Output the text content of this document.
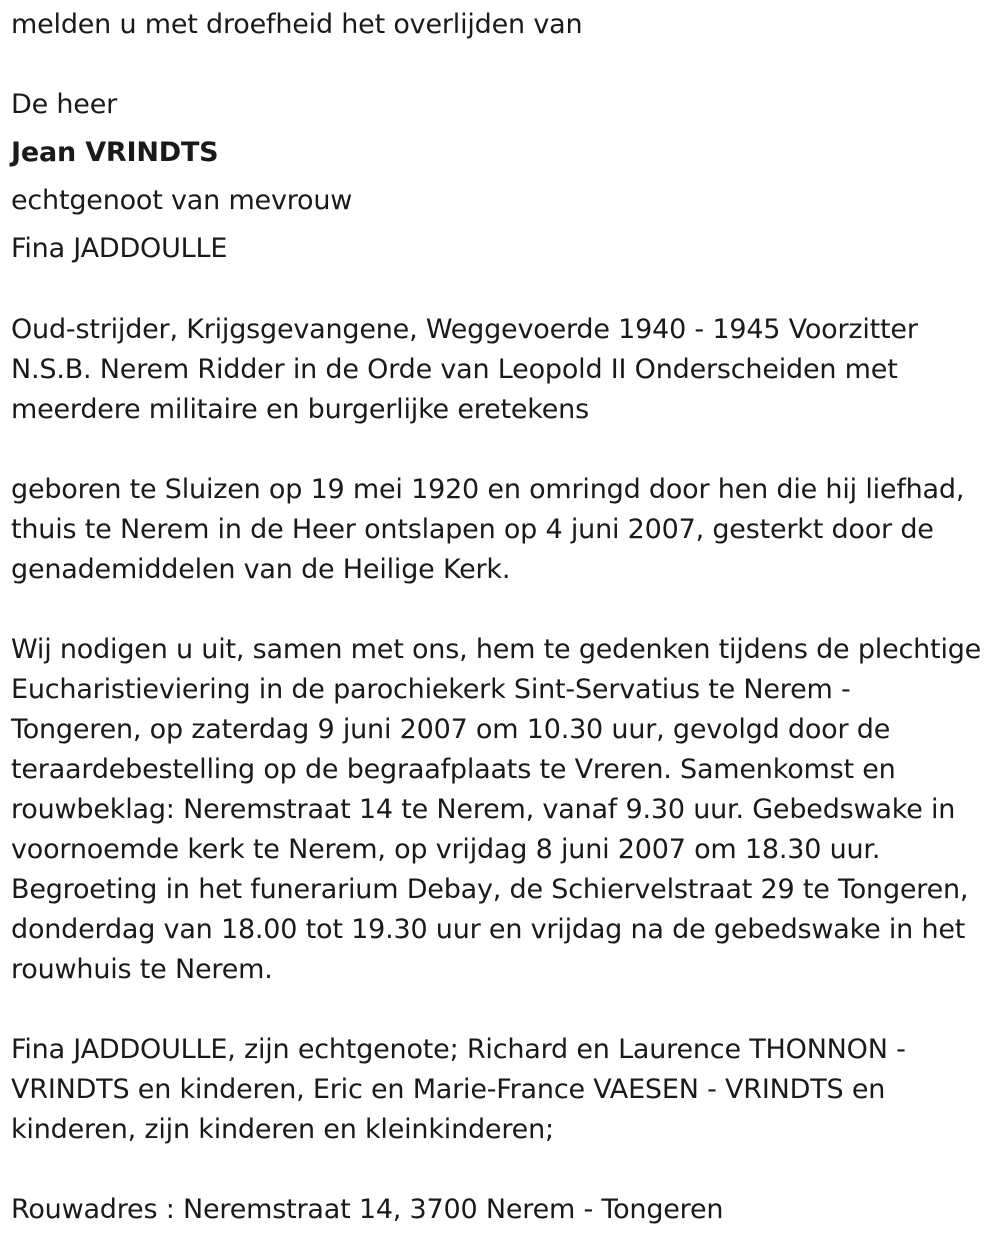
melden u met droefheid het overlijden van
De heer
Jean VRINDTS
echtgenoot van mevrouw
Fina JADDOULLE
Oud-strijder, Krijgsgevangene, Weggevoerde 1940 - 1945 Voorzitter
N.S.B. Nerem Ridder in de Orde van Leopold II Onderscheiden met
meerdere militaire en burgerlijke eretekens
geboren te Sluizen op 19 mei 1920 en omringd door hen die hij liefhad,
thuis te Nerem in de Heer ontslapen op 4 juni 2007, gesterkt door de
genademiddelen van de Heilige Kerk.
Wij nodigen u uit, samen met ons, hem te gedenken tijdens de plechtige
Eucharistieviering in de parochiekerk Sint-Servatius te Nerem -
Tongeren, op zaterdag 9 juni 2007 om 10.30 uur, gevolgd door de
teraardebestelling op de begraafplaats te Vreren. Samenkomst en
rouwbeklag: Neremstraat 14 te Nerem, vanaf 9.30 uur. Gebedswake in
voornoemde kerk te Nerem, op vrijdag 8 juni 2007 om 18.30 uur.
Begroeting in het funerarium Debay, de Schiervelstraat 29 te Tongeren,
donderdag van 18.00 tot 19.30 uur en vrijdag na de gebedswake in het
rouwhuis te Nerem.
Fina JADDOULLE, zijn echtgenote; Richard en Laurence THONNON -
VRINDTS en kinderen, Eric en Marie-France VAESEN - VRINDTS en
kinderen, zijn kinderen en kleinkinderen;
Rouwadres : Neremstraat 14, 3700 Nerem - Tongeren
